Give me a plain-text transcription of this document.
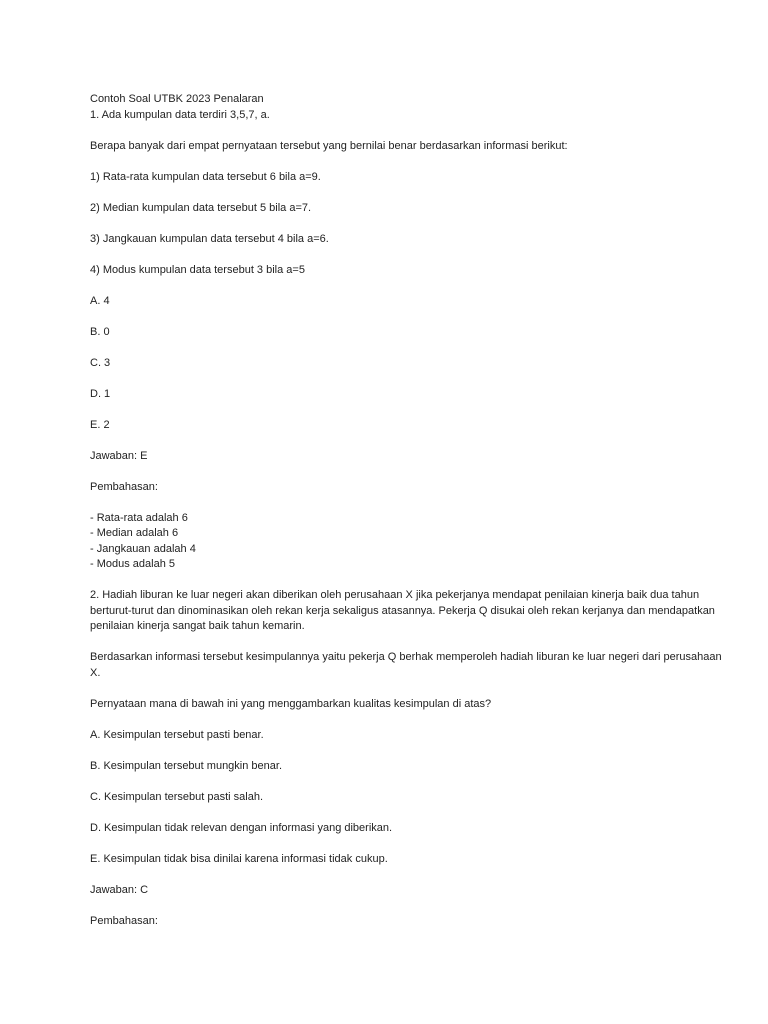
Contoh Soal UTBK 2023 Penalaran
1. Ada kumpulan data terdiri 3,5,7, a.
Berapa banyak dari empat pernyataan tersebut yang bernilai benar berdasarkan informasi berikut:
1) Rata-rata kumpulan data tersebut 6 bila a=9.
2) Median kumpulan data tersebut 5 bila a=7.
3) Jangkauan kumpulan data tersebut 4 bila a=6.
4) Modus kumpulan data tersebut 3 bila a=5
A. 4
B. 0
C. 3
D. 1
E. 2
Jawaban: E
Pembahasan:
- Rata-rata adalah 6
- Median adalah 6
- Jangkauan adalah 4
- Modus adalah 5
2. Hadiah liburan ke luar negeri akan diberikan oleh perusahaan X jika pekerjanya mendapat penilaian kinerja baik dua tahun berturut-turut dan dinominasikan oleh rekan kerja sekaligus atasannya. Pekerja Q disukai oleh rekan kerjanya dan mendapatkan penilaian kinerja sangat baik tahun kemarin.
Berdasarkan informasi tersebut kesimpulannya yaitu pekerja Q berhak memperoleh hadiah liburan ke luar negeri dari perusahaan X.
Pernyataan mana di bawah ini yang menggambarkan kualitas kesimpulan di atas?
A. Kesimpulan tersebut pasti benar.
B. Kesimpulan tersebut mungkin benar.
C. Kesimpulan tersebut pasti salah.
D. Kesimpulan tidak relevan dengan informasi yang diberikan.
E. Kesimpulan tidak bisa dinilai karena informasi tidak cukup.
Jawaban: C
Pembahasan:
